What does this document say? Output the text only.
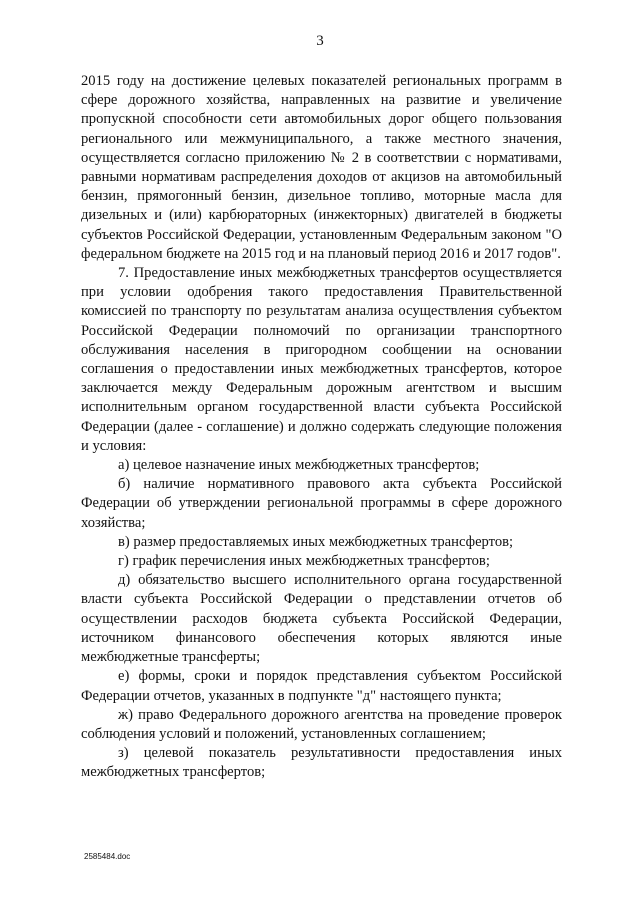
3

2015 году на достижение целевых показателей региональных программ в сфере дорожного хозяйства, направленных на развитие и увеличение пропускной способности сети автомобильных дорог общего пользования регионального или межмуниципального, а также местного значения, осуществляется согласно приложению № 2 в соответствии с нормативами, равными нормативам распределения доходов от акцизов на автомобильный бензин, прямогонный бензин, дизельное топливо, моторные масла для дизельных и (или) карбюраторных (инжекторных) двигателей в бюджеты субъектов Российской Федерации, установленным Федеральным законом "О федеральном бюджете на 2015 год и на плановый период 2016 и 2017 годов".

7. Предоставление иных межбюджетных трансфертов осуществляется при условии одобрения такого предоставления Правительственной комиссией по транспорту по результатам анализа осуществления субъектом Российской Федерации полномочий по организации транспортного обслуживания населения в пригородном сообщении на основании соглашения о предоставлении иных межбюджетных трансфертов, которое заключается между Федеральным дорожным агентством и высшим исполнительным органом государственной власти субъекта Российской Федерации (далее - соглашение) и должно содержать следующие положения и условия:

а) целевое назначение иных межбюджетных трансфертов;

б) наличие нормативного правового акта субъекта Российской Федерации об утверждении региональной программы в сфере дорожного хозяйства;

в) размер предоставляемых иных межбюджетных трансфертов;

г) график перечисления иных межбюджетных трансфертов;

д) обязательство высшего исполнительного органа государственной власти субъекта Российской Федерации о представлении отчетов об осуществлении расходов бюджета субъекта Российской Федерации, источником финансового обеспечения которых являются иные межбюджетные трансферты;

е) формы, сроки и порядок представления субъектом Российской Федерации отчетов, указанных в подпункте "д" настоящего пункта;

ж) право Федерального дорожного агентства на проведение проверок соблюдения условий и положений, установленных соглашением;

з) целевой показатель результативности предоставления иных межбюджетных трансфертов;

2585484.doc
